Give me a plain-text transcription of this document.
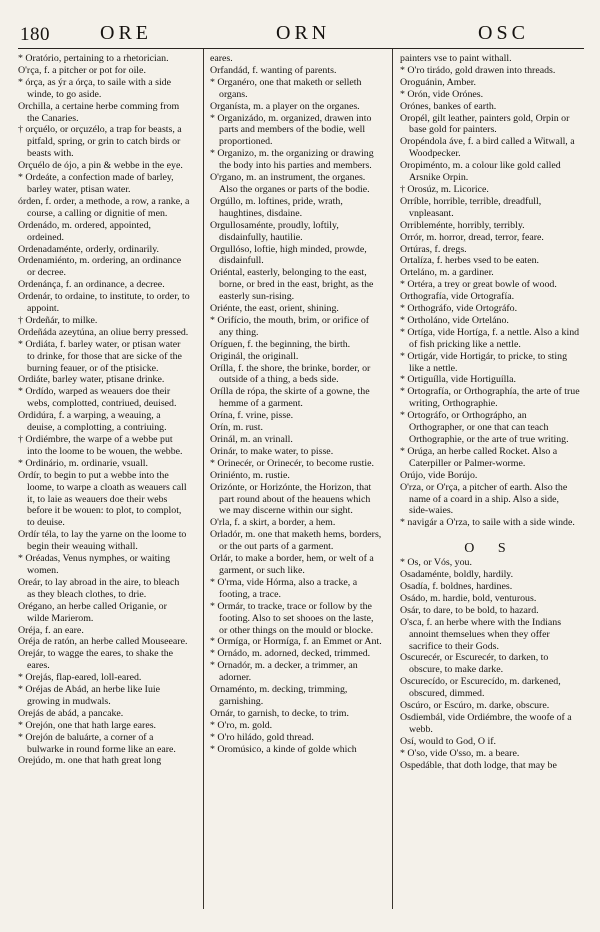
180	ORE	ORN	OSC

* Oratório, pertaining to a rhetorician.

O'rça, f. a pitcher or pot for oile.

* órça, as ýr a órça, to saile with a side winde, to go aside.

Orchilla, a certaine herbe comming from the Canaries.

† orçuélo, or orçuzélo, a trap for beasts, a pitfald, spring, or grin to catch birds or beasts with.

Orçuélo de ójo, a pin & webbe in the eye.

* Ordeáte, a confection made of barley, barley water, ptisan water.

órden, f. order, a methode, a row, a ranke, a course, a calling or dignitie of men.

Ordenádo, m. ordered, appointed, ordeined.

Ordenadaménte, orderly, ordinarily.

Ordenamiénto, m. ordering, an ordinance or decree.

Ordenánça, f. an ordinance, a decree.

Ordenár, to ordaine, to institute, to order, to appoint.

† Ordeñár, to milke.

Ordeñáda azeytúna, an oliue berry pressed.

* Ordiáta, f. barley water, or ptisan water to drinke, for those that are sicke of the burning feauer, or of the ptisicke.

Ordiáte, barley water, ptisane drinke.

* Ordído, warped as weauers doe their webs, complotted, contriued, deuised.

Ordidúra, f. a warping, a weauing, a deuise, a complotting, a contriuing.

† Ordiémbre, the warpe of a webbe put into the loome to be wouen, the webbe.

* Ordinário, m. ordinarie, vsuall.

Ordír, to begin to put a webbe into the loome, to warpe a cloath as weauers call it, to laie as weauers doe their webs before it be wouen: to plot, to complot, to deuise.

Ordír téla, to lay the yarne on the loome to begin their weauing withall.

* Oréadas, Venus nymphes, or waiting women.

Oreár, to lay abroad in the aire, to bleach as they bleach clothes, to drie.

Orégano, an herbe called Origanie, or wilde Marierom.

Oréja, f. an eare.

Oréja de ratón, an herbe called Mouseeare.

Orejár, to wagge the eares, to shake the eares.

* Orejás, flap-eared, loll-eared.

* Oréjas de Abád, an herbe like Iuie growing in mudwals.

Orejás de abád, a pancake.

* Orejón, one that hath large eares.

* Orejón de baluárte, a corner of a bulwarke in round forme like an eare.

Orejúdo, m. one that hath great long

eares.

Orfandád, f. wanting of parents.

* Organéro, one that maketh or selleth organs.

Organísta, m. a player on the organes.

* Organizádo, m. organized, drawen into parts and members of the bodie, well proportioned.

* Organizo, m. the organizing or drawing the body into his parties and members.

O'rgano, m. an instrument, the organes. Also the organes or parts of the bodie.

Orgúllo, m. loftines, pride, wrath, haughtines, disdaine.

Orgullosaménte, proudly, loftily, disdainfully, hautilie.

Orgullóso, loftie, high minded, prowde, disdainfull.

Oriéntal, easterly, belonging to the east, borne, or bred in the east, bright, as the easterly sun-rising.

Oriénte, the east, orient, shining.

* Orifício, the mouth, brim, or orifice of any thing.

Oríguen, f. the beginning, the birth.

Originál, the originall.

Orílla, f. the shore, the brinke, border, or outside of a thing, a beds side.

Orílla de rópa, the skirte of a gowne, the hemme of a garment.

Orína, f. vrine, pisse.

Orín, m. rust.

Orinál, m. an vrinall.

Orinár, to make water, to pisse.

* Orinecér, or Orinecér, to become rustie.

Oriniénto, m. rustie.

Orizónte, or Horizónte, the Horizon, that part round about of the heauens which we may discerne within our sight.

O'rla, f. a skirt, a border, a hem.

Orladór, m. one that maketh hems, borders, or the out parts of a garment.

Orlár, to make a border, hem, or welt of a garment, or such like.

* O'rma, vide Hórma, also a tracke, a footing, a trace.

* Ormár, to tracke, trace or follow by the footing. Also to set shooes on the laste, or other things on the mould or blocke.

* Ormíga, or Hormíga, f. an Emmet or Ant.

* Ornádo, m. adorned, decked, trimmed.

* Ornadór, m. a decker, a trimmer, an adorner.

Ornaménto, m. decking, trimming, garnishing.

Ornár, to garnish, to decke, to trim.

* O'ro, m. gold.

* O'ro hiládo, gold thread.

* Oromúsico, a kinde of golde which

painters vse to paint withall.

* O'ro tirádo, gold drawen into threads.

Oroguánin, Amber.

* Orón, vide Orónes.

Orónes, bankes of earth.

Oropél, gilt leather, painters gold, Orpin or base gold for painters.

Oropéndola áve, f. a bird called a Witwall, a Woodpecker.

Oropiménto, m. a colour like gold called Arsnike Orpin.

† Orosúz, m. Licorice.

Orríble, horrible, terrible, dreadfull, vnpleasant.

Orribleménte, horribly, terribly.

Orrór, m. horror, dread, terror, feare.

Ortúras, f. dregs.

Ortalíza, f. herbes vsed to be eaten.

Orteláno, m. a gardiner.

* Ortéra, a trey or great bowle of wood.

Orthografía, vide Ortografía.

* Orthográfo, vide Ortográfo.

* Ortholáno, vide Orteláno.

* Ortíga, vide Hortíga, f. a nettle. Also a kind of fish pricking like a nettle.

* Ortigár, vide Hortigár, to pricke, to sting like a nettle.

* Ortiguílla, vide Hortiguílla.

* Ortografía, or Orthographía, the arte of true writing, Orthographie.

* Ortográfo, or Orthográpho, an Orthographer, or one that can teach Orthographie, or the arte of true writing.

* Orúga, an herbe called Rocket. Also a Caterpiller or Palmer-worme.

Orújo, vide Borújo.

O'rza, or O'rça, a pitcher of earth. Also the name of a coard in a ship. Also a side, side-waies.

* navigár a O'rza, to saile with a side winde.

O S

* Os, or Vós, you.

Osadaménte, boldly, hardily.

Osadía, f. boldnes, hardines.

Osádo, m. hardie, bold, venturous.

Osár, to dare, to be bold, to hazard.

O'sca, f. an herbe where with the Indians annoint themselues when they offer sacrifice to their Gods.

Oscurecér, or Escurecér, to darken, to obscure, to make darke.

Oscurecído, or Escurecído, m. darkened, obscured, dimmed.

Oscúro, or Escúro, m. darke, obscure.

Osdiembál, vide Ordiémbre, the woofe of a webb.

Osí, would to God, O if.

* O'so, vide O'sso, m. a beare.

Ospedáble, that doth lodge, that may be
